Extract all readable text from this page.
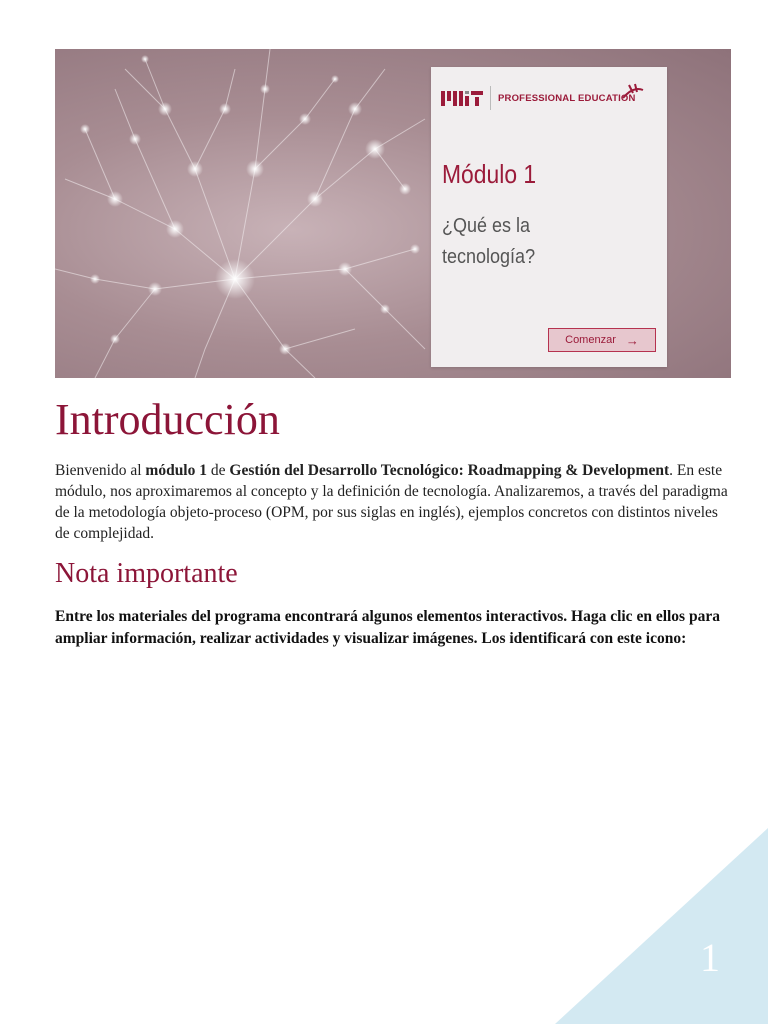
PROFESSIONAL EDUCATION
Módulo 1
¿Qué es la tecnología?
Comenzar →
Introducción

Bienvenido al módulo 1 de Gestión del Desarrollo Tecnológico: Roadmapping & Development. En este módulo, nos aproximaremos al concepto y la definición de tecnología. Analizaremos, a través del paradigma de la metodología objeto-proceso (OPM, por sus siglas en inglés), ejemplos concretos con distintos niveles de complejidad.

Nota importante

Entre los materiales del programa encontrará algunos elementos interactivos. Haga clic en ellos para ampliar información, realizar actividades y visualizar imágenes. Los identificará con este icono:

1
